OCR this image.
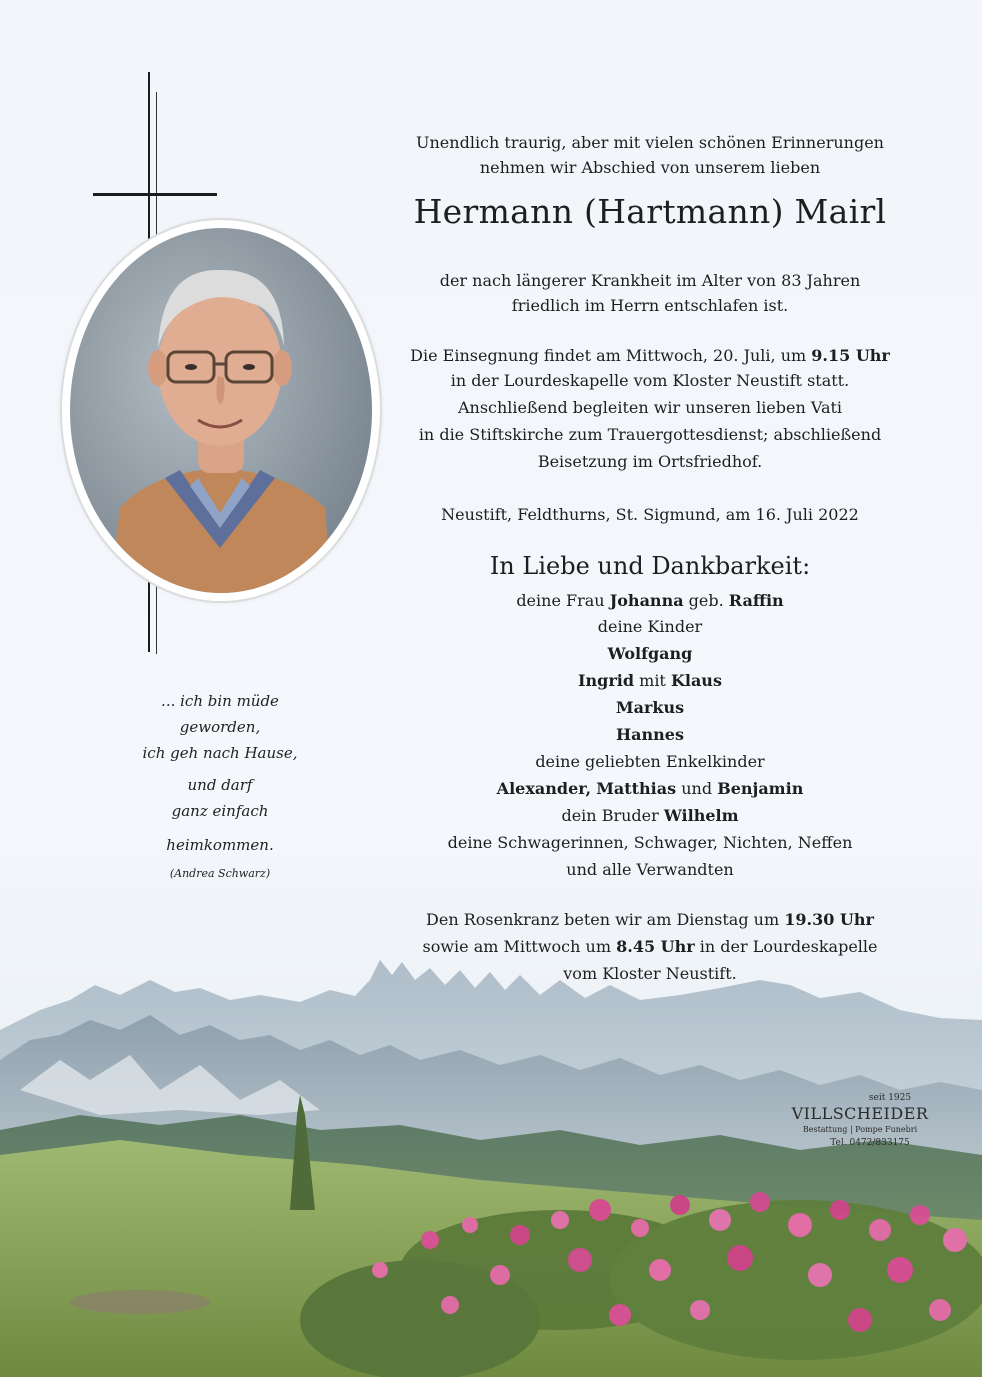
... ich bin müde
geworden,
ich geh nach Hause,
und darf
ganz einfach
heimkommen.
(Andrea Schwarz)
Unendlich traurig, aber mit vielen schönen Erinnerungen
nehmen wir Abschied von unserem lieben
Hermann (Hartmann) Mairl
der nach längerer Krankheit im Alter von 83 Jahren
friedlich im Herrn entschlafen ist.
Die Einsegnung findet am Mittwoch, 20. Juli, um 9.15 Uhr
in der Lourdeskapelle vom Kloster Neustift statt.
Anschließend begleiten wir unseren lieben Vati
in die Stiftskirche zum Trauergottesdienst; abschließend
Beisetzung im Ortsfriedhof.
Neustift, Feldthurns, St. Sigmund, am 16. Juli 2022
In Liebe und Dankbarkeit:
deine Frau Johanna geb. Raffin
deine Kinder
Wolfgang
Ingrid mit Klaus
Markus
Hannes
deine geliebten Enkelkinder
Alexander, Matthias und Benjamin
dein Bruder Wilhelm
deine Schwagerinnen, Schwager, Nichten, Neffen
und alle Verwandten
Den Rosenkranz beten wir am Dienstag um 19.30 Uhr
sowie am Mittwoch um 8.45 Uhr in der Lourdeskapelle
vom Kloster Neustift.
seit 1925
VILLSCHEIDER
Bestattung | Pompe Funebri
Tel. 0472/833175
